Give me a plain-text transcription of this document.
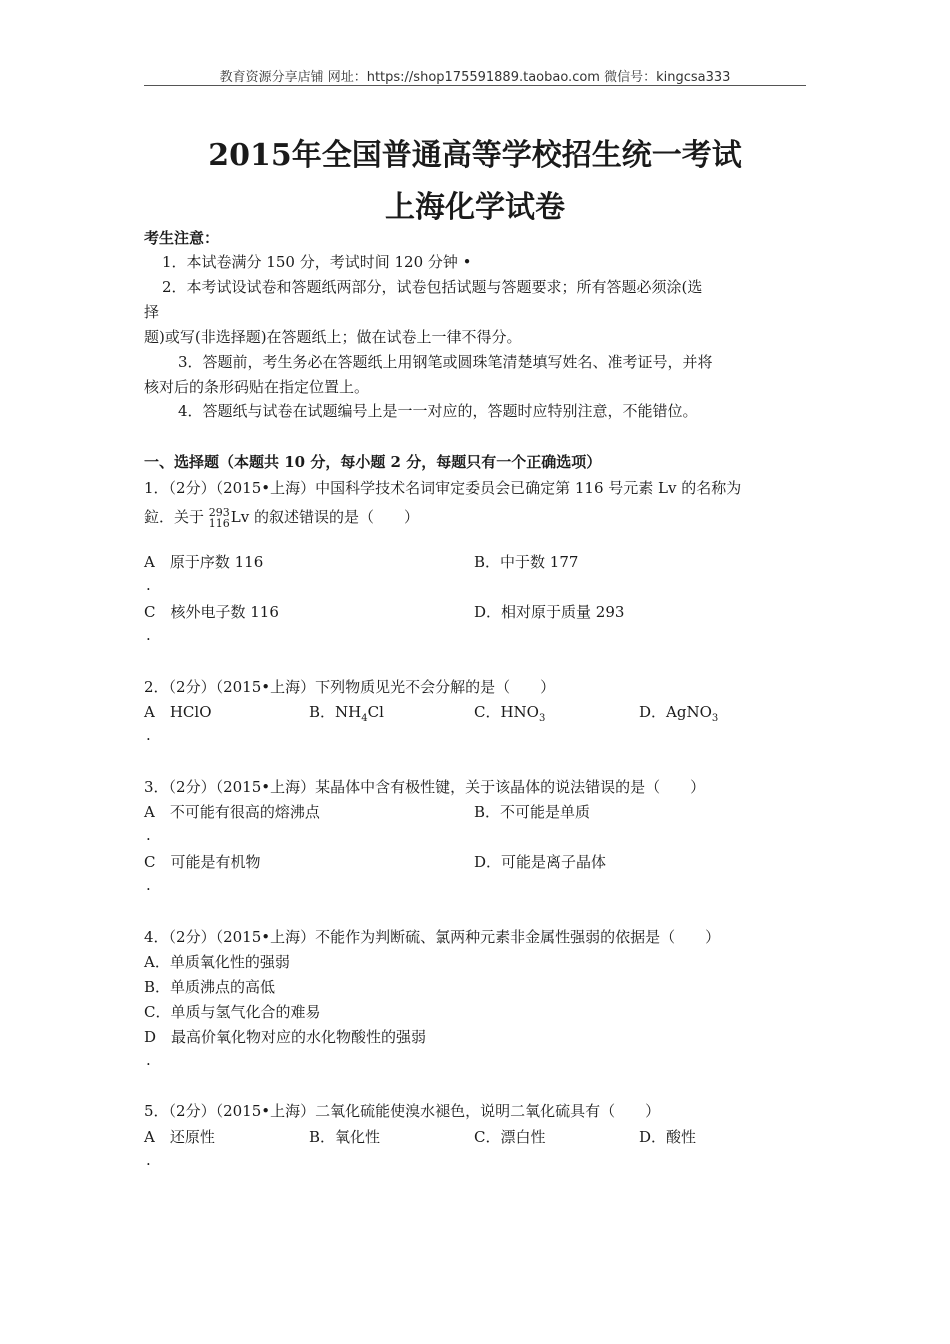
教育资源分享店铺 网址：https://shop175591889.taobao.com 微信号：kingcsa333
2015年全国普通高等学校招生统一考试
上海化学试卷
考生注意：
1．本试卷满分 150 分，考试时间 120 分钟 •
2．本考试设试卷和答题纸两部分，试卷包括试题与答题要求；所有答题必须涂(选
择
题)或写(非选择题)在答题纸上；做在试卷上一律不得分。
3．答题前，考生务必在答题纸上用钢笔或圆珠笔清楚填写姓名、准考证号，并将
核对后的条形码贴在指定位置上。
4．答题纸与试卷在试题编号上是一一对应的，答题时应特别注意，不能错位。
一、选择题（本题共 10 分，每小题 2 分，每题只有一个正确选项）
1．（2分）（2015•上海）中国科学技术名词审定委员会已确定第 116 号元素 Lv 的名称为
鉝．关于 293
116Lv 的叙述错误的是（　　）
A　原于序数 116	B．中于数 177
.
C　核外电子数 116	D．相对原于质量 293
.
2．（2分）（2015•上海）下列物质见光不会分解的是（　　）
A　HClO	B．$NH_4Cl$	C．$HNO_3$	D．AgNO$_3$
.
3．（2分）（2015•上海）某晶体中含有极性键，关于该晶体的说法错误的是（　　）
A　不可能有很高的熔沸点	B．不可能是单质
.
C　可能是有机物	D．可能是离子晶体
.
4．（2分）（2015•上海）不能作为判断硫、氯两种元素非金属性强弱的依据是（　　）
A．单质氧化性的强弱
B．单质沸点的高低
C．单质与氢气化合的难易
D　最高价氧化物对应的水化物酸性的强弱
.
5．（2分）（2015•上海）二氧化硫能使溴水褪色，说明二氧化硫具有（　　）
A　还原性	B．氧化性	C．漂白性	D．酸性
.
